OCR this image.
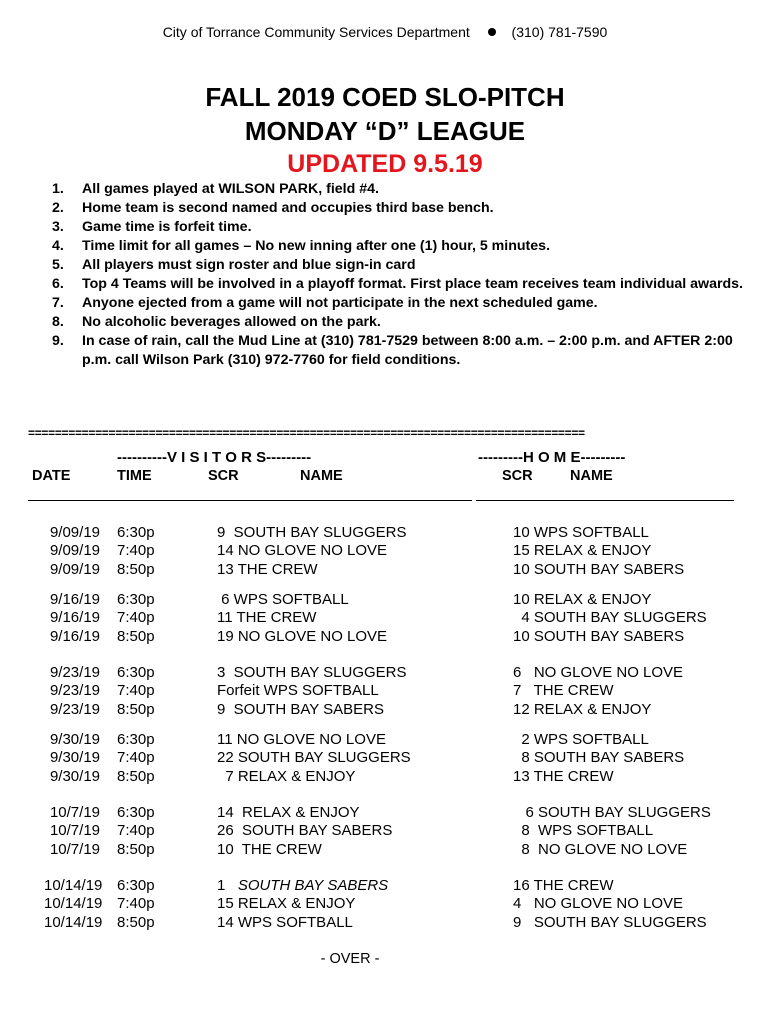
City of Torrance Community Services Department	(310) 781-7590
FALL 2019 COED SLO-PITCH
MONDAY “D” LEAGUE
UPDATED 9.5.19
1.	All games played at WILSON PARK, field #4.
2.	Home team is second named and occupies third base bench.
3.	Game time is forfeit time.
4.	Time limit for all games – No new inning after one (1) hour, 5 minutes.
5.	All players must sign roster and blue sign-in card
6.	Top 4 Teams will be involved in a playoff format. First place team receives team individual awards.
7.	Anyone ejected from a game will not participate in the next scheduled game.
8.	No alcoholic beverages allowed on the park.
9.	In case of rain, call the Mud Line at (310) 781-7529 between 8:00 a.m. – 2:00 p.m. and AFTER 2:00 p.m. call Wilson Park (310) 972-7760 for field conditions.
===================================================================================
----------V I S I T O R S---------	---------H O M E---------
DATE	TIME	SCR	NAME	SCR	NAME
9/09/19 6:30p	9  SOUTH BAY SLUGGERS	10 WPS SOFTBALL
9/09/19 7:40p	14 NO GLOVE NO LOVE	15 RELAX & ENJOY
9/09/19 8:50p	13 THE CREW	10 SOUTH BAY SABERS
9/16/19 6:30p	6 WPS SOFTBALL	10 RELAX & ENJOY
9/16/19 7:40p	11 THE CREW	4 SOUTH BAY SLUGGERS
9/16/19 8:50p	19 NO GLOVE NO LOVE	10 SOUTH BAY SABERS
9/23/19 6:30p	3  SOUTH BAY SLUGGERS	6   NO GLOVE NO LOVE
9/23/19 7:40p	Forfeit WPS SOFTBALL	7   THE CREW
9/23/19 8:50p	9  SOUTH BAY SABERS	12 RELAX & ENJOY
9/30/19 6:30p	11 NO GLOVE NO LOVE	2 WPS SOFTBALL
9/30/19 7:40p	22 SOUTH BAY SLUGGERS	8 SOUTH BAY SABERS
9/30/19 8:50p	7 RELAX & ENJOY	13 THE CREW
10/7/19 6:30p	14  RELAX & ENJOY	6 SOUTH BAY SLUGGERS
10/7/19 7:40p	26  SOUTH BAY SABERS	8  WPS SOFTBALL
10/7/19 8:50p	10  THE CREW	8  NO GLOVE NO LOVE
10/14/19 6:30p	1 SOUTH BAY SABERS	16 THE CREW
10/14/19 7:40p	15 RELAX & ENJOY	4   NO GLOVE NO LOVE
10/14/19 8:50p	14 WPS SOFTBALL	9   SOUTH BAY SLUGGERS
- OVER -
